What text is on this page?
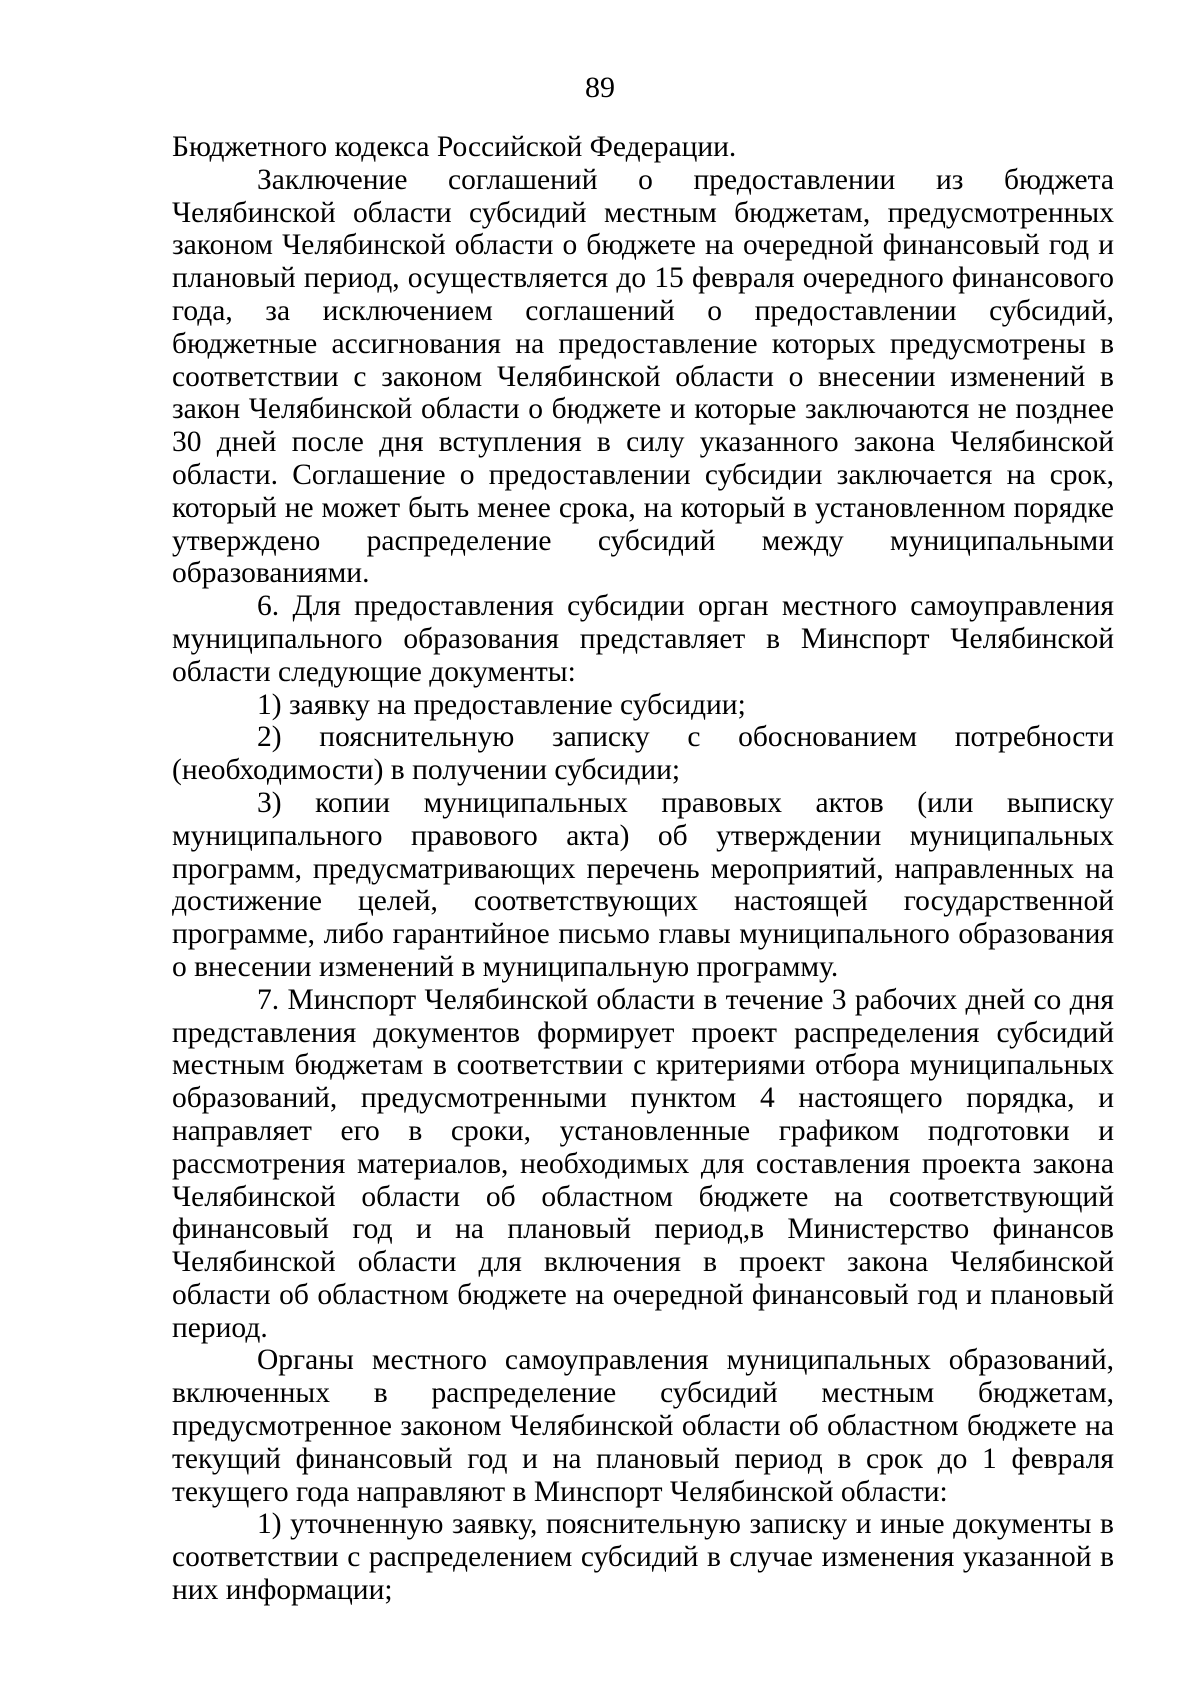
89

Бюджетного кодекса Российской Федерации.

Заключение соглашений о предоставлении из бюджета Челябинской области субсидий местным бюджетам, предусмотренных законом Челябинской области о бюджете на очередной финансовый год и плановый период, осуществляется до 15 февраля очередного финансового года, за исключением соглашений о предоставлении субсидий, бюджетные ассигнования на предоставление которых предусмотрены в соответствии с законом Челябинской области о внесении изменений в закон Челябинской области о бюджете и которые заключаются не позднее 30 дней после дня вступления в силу указанного закона Челябинской области. Соглашение о предоставлении субсидии заключается на срок, который не может быть менее срока, на который в установленном порядке утверждено распределение субсидий между муниципальными образованиями.

6. Для предоставления субсидии орган местного самоуправления муниципального образования представляет в Минспорт Челябинской области следующие документы:

1) заявку на предоставление субсидии;

2) пояснительную записку с обоснованием потребности (необходимости) в получении субсидии;

3) копии муниципальных правовых актов (или выписку муниципального правового акта) об утверждении муниципальных программ, предусматривающих перечень мероприятий, направленных на достижение целей, соответствующих настоящей государственной программе, либо гарантийное письмо главы муниципального образования о внесении изменений в муниципальную программу.

7. Минспорт Челябинской области в течение 3 рабочих дней со дня представления документов формирует проект распределения субсидий местным бюджетам в соответствии с критериями отбора муниципальных образований, предусмотренными пунктом 4 настоящего порядка, и направляет его в сроки, установленные графиком подготовки и рассмотрения материалов, необходимых для составления проекта закона Челябинской области об областном бюджете на соответствующий финансовый год и на плановый период,в Министерство финансов Челябинской области для включения в проект закона Челябинской области об областном бюджете на очередной финансовый год и плановый период.

Органы местного самоуправления муниципальных образований, включенных в распределение субсидий местным бюджетам, предусмотренное законом Челябинской области об областном бюджете на текущий финансовый год и на плановый период в срок до 1 февраля текущего года направляют в Минспорт Челябинской области:

1) уточненную заявку, пояснительную записку и иные документы в соответствии с распределением субсидий в случае изменения указанной в них информации;
